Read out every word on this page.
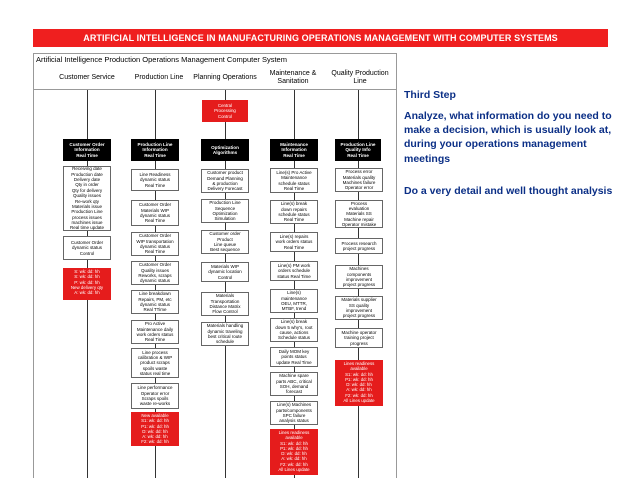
ARTIFICIAL INTELLIGENCE IN MANUFACTURING OPERATIONS MANAGEMENT WITH COMPUTER SYSTEMS
Artificial Intelligence Production Operations Management Computer System
Customer Service	Production Line	Planning Operations
Maintenance & Sanitation
Quality Production Line
Central
Processing
Control
Customer Order
Information
Real Time
Production Line
Information
Real Time
Optimization
Algorithms
Maintenance
Information
Real Time
Production Line
Quality Info
Real Time
Receiving date
Production date
Delivery date
Qty in order
Qty for delivery
Quality issues
Re-work qty
Materials issue
Production Line
process issues
machines issue
Real time update
Customer Order
dynamic status
Control
S: wk: dd: hh
S: wk: dd: hh
P: wk: dd: hh
New delivery qty
A: wk: dd: hh
Line Readiness
dynamic status
Real Time
Customer Order
Materials WIP
dynamic status
Real Time
Customer Order
WIP transportation
dynamic status
Real Time
Customer Order
Quality issues
Reworks, scraps
dynamic status
Line breakdown
Repairs, PM, etc
dynamic status
Real TTime
Pro Active
Maintenance daily
work orders status
Real Time
Line process
calibration & WIP
product scraps
spoils waste
status real time
Line performance
Operator error
Scraps spoils
waste re-works
New available
S1: wk: dd: hh
P1: wk: dd: hh
D: wk: dd: hh
A: wk: dd: hh
F2: wk: dd: hh
Customer product
Demand Planning
& production
Delivery Forecast
Production Line
Sequence
Optimization
Simulation
Customer order
Product
Line queue
Best sequence
Materials WIP
dynamic location
Control
Materials
Transportation
Distance Matrix
Flow Control
Materials handling
dynamic traveling
best critical route
schedule
Line(s) Pro Active
Maintenance
schedule status
Real Time
Line(s) break
down repairs
schedule status
Real Time
Line(s) repairs
work orders status
Real Time
Line(s) PM work
orders schedule
status Real Time
Line(s)
maintenance
OEU, MTTR,
MTBF, trend
Line(s) break
down 5 why's, root
cause, actions
Schedule status
Daily MOM key
points status
update Real Time
Machine spare
parts ABC, critical
SOH, demand
forecast
Line(s) Machines
parts/components
SPC failure
analysis status
Lines readiness
available
S1: wk: dd: hh
P1: wk: dd: hh
D: wk: dd: hh
A: wk: dd: hh
F2: wk: dd: hh
All Lines update
Process error
Materials quality
Machines failure
Operator error
Process
evaluation
Materials SS
Machine repair
Operator mistake
Process research
project progress
Machines
components
improvement
project progress
Materials supplier
SS quality
improvement
project progress
Machine operator
training project
progress
Lines readiness
available
S1: wk: dd: hh
P1: wk: dd: hh
D: wk: dd: hh
A: wk: dd: hh
F2: wk: dd: hh
All Lines update
Third Step
Analyze, what information do you need to make a decision, which is usually look at, during your operations management meetings
Do a very detail and well thought analysis
